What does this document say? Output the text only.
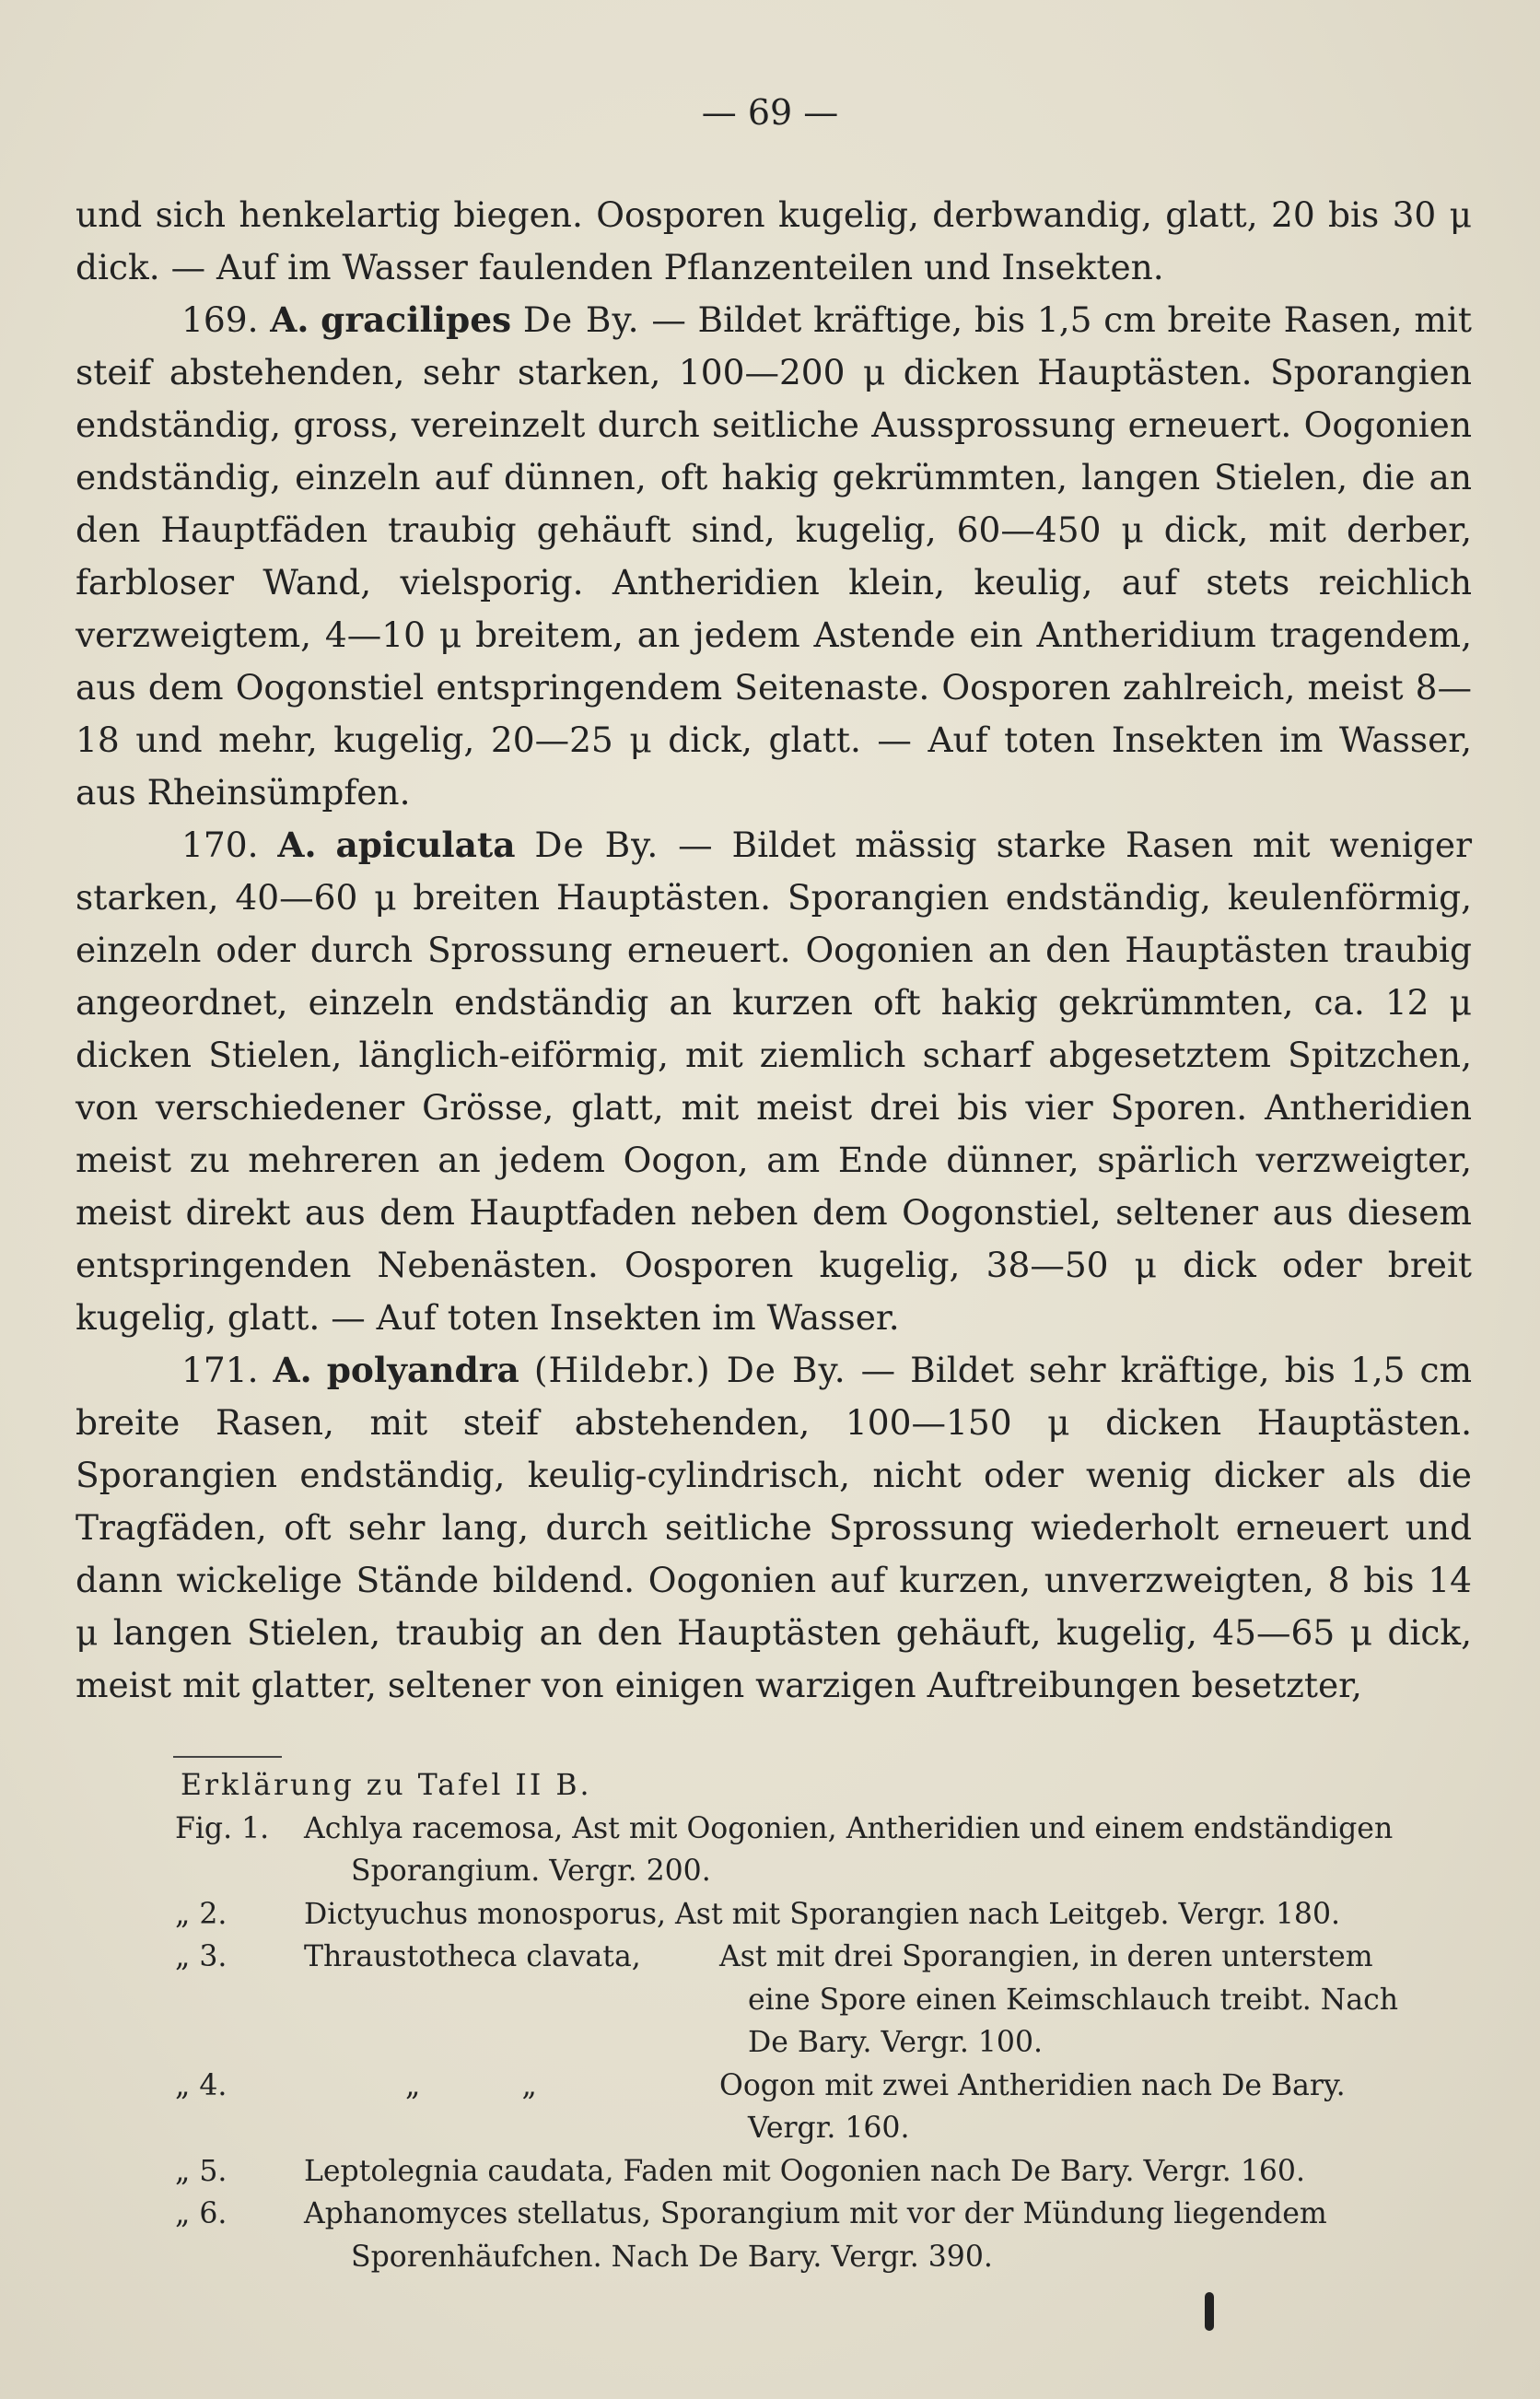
— 69 —

und sich henkelartig biegen. Oosporen kugelig, derbwandig, glatt, 20 bis 30 μ dick. — Auf im Wasser faulenden Pflanzenteilen und Insekten.

169. A. gracilipes De By. — Bildet kräftige, bis 1,5 cm breite Rasen, mit steif abstehenden, sehr starken, 100—200 μ dicken Hauptästen. Sporangien endständig, gross, vereinzelt durch seitliche Aussprossung erneuert. Oogonien endständig, einzeln auf dünnen, oft hakig gekrümmten, langen Stielen, die an den Hauptfäden traubig gehäuft sind, kugelig, 60—450 μ dick, mit derber, farbloser Wand, vielsporig. Antheridien klein, keulig, auf stets reichlich verzweigtem, 4—10 μ breitem, an jedem Astende ein Antheridium tragendem, aus dem Oogonstiel entspringendem Seitenaste. Oosporen zahlreich, meist 8—18 und mehr, kugelig, 20—25 μ dick, glatt. — Auf toten Insekten im Wasser, aus Rheinsümpfen.

170. A. apiculata De By. — Bildet mässig starke Rasen mit weniger starken, 40—60 μ breiten Hauptästen. Sporangien endständig, keulenförmig, einzeln oder durch Sprossung erneuert. Oogonien an den Hauptästen traubig angeordnet, einzeln endständig an kurzen oft hakig gekrümmten, ca. 12 μ dicken Stielen, länglich-eiförmig, mit ziemlich scharf abgesetztem Spitzchen, von verschiedener Grösse, glatt, mit meist drei bis vier Sporen. Antheridien meist zu mehreren an jedem Oogon, am Ende dünner, spärlich verzweigter, meist direkt aus dem Hauptfaden neben dem Oogonstiel, seltener aus diesem entspringenden Nebenästen. Oosporen kugelig, 38—50 μ dick oder breit kugelig, glatt. — Auf toten Insekten im Wasser.

171. A. polyandra (Hildebr.) De By. — Bildet sehr kräftige, bis 1,5 cm breite Rasen, mit steif abstehenden, 100—150 μ dicken Hauptästen. Sporangien endständig, keulig-cylindrisch, nicht oder wenig dicker als die Tragfäden, oft sehr lang, durch seitliche Sprossung wiederholt erneuert und dann wickelige Stände bildend. Oogonien auf kurzen, unverzweigten, 8 bis 14 μ langen Stielen, traubig an den Hauptästen gehäuft, kugelig, 45—65 μ dick, meist mit glatter, seltener von einigen warzigen Auftreibungen besetzter,

Erklärung zu Tafel II B.
Fig. 1.	Achlya racemosa, Ast mit Oogonien, Antheridien und einem endständigen
Sporangium. Vergr. 200.
„ 2.	Dictyuchus monosporus, Ast mit Sporangien nach Leitgeb. Vergr. 180.
„ 3.	Thraustotheca clavata,	Ast mit drei Sporangien, in deren unterstem
eine Spore einen Keimschlauch treibt. Nach
De Bary. Vergr. 100.
„ 4.	„           „	Oogon mit zwei Antheridien nach De Bary.
Vergr. 160.
„ 5.	Leptolegnia caudata, Faden mit Oogonien nach De Bary. Vergr. 160.
„ 6.	Aphanomyces stellatus, Sporangium mit vor der Mündung liegendem
Sporenhäufchen. Nach De Bary. Vergr. 390.
